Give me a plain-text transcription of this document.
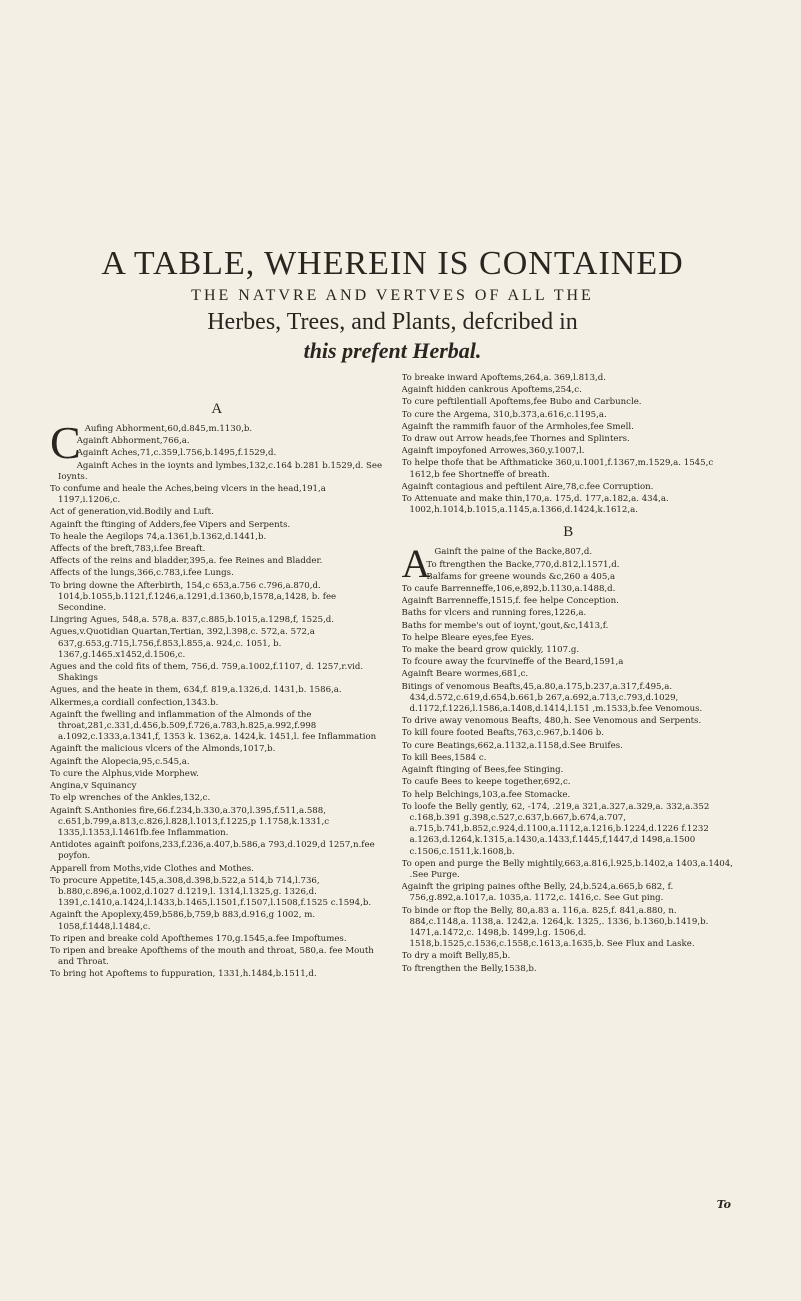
A TABLE, WHEREIN IS CONTAINED
THE NATVRE AND VERTVES OF ALL THE
Herbes, Trees, and Plants, defcribed in
this prefent Herbal.
A
C Aufing Abhorment,60,d.845,m.1130,b.
Againft Abhorment,766,a.
Againft Aches,71,c.359,l.756,b.1495,f.1529,d.
Againft Aches in the ioynts and lymbes,132,c.164 b.281 b.1529,d. See Ioynts.
To confume and heale the Aches,being vlcers in the head,191,a 1197,i.1206,c.
Act of generation,vid.Bodily and Luft.
Againft the ftinging of Adders,fee Vipers and Serpents.
To heale the Aegilops 74,a.1361,b.1362,d.1441,b.
Affects of the breft,783,i.fee Breaft.
Affects of the reins and bladder,395,a. fee Reines and Bladder.
Affects of the lungs,366,c.783,i.fee Lungs.
To bring downe the Afterbirth, 154,c 653,a.756 c.796,a.870,d. 1014,b.1055,b.1121,f.1246,a.1291,d.1360,b,1578,a,1428, b. fee Secondine.
Lingring Agues, 548,a. 578,a. 837,c.885,b.1015,a.1298,f, 1525,d.
Agues,v.Quotidian Quartan,Tertian, 392,l.398,c. 572,a. 572,a 637,g.653,g.715,l.756,f.853,l.855,a. 924,c. 1051, b. 1367,g.1465.x1452,d.1506,c.
Agues and the cold fits of them, 756,d. 759,a.1002,f.1107, d. 1257,r.vid. Shakings
Agues, and the heate in them, 634,f. 819,a.1326,d. 1431,b. 1586,a.
Alkermes,a cordiall confection,1343.b.
Againft the fwelling and inflammation of the Almonds of the throat,281,c.331,d.456,b.509,f.726,a.783,h.825,a.992,f.998 a.1092,c.1333,a.1341,f, 1353 k. 1362,a. 1424,k. 1451,l. fee Inflammation
Againft the malicious vlcers of the Almonds,1017,b.
Againft the Alopecia,95,c.545,a.
To cure the Alphus,vide Morphew.
Angina,v Squinancy
To elp wrenches of the Ankles,132,c.
Againft S.Anthonies fire,66.f.234,b.330,a.370,l.395,f.511,a.588, c.651,b.799,a.813,c.826,l.828,l.1013,f.1225,p 1.1758,k.1331,c 1335,l.1353,l.1461fb.fee Inflammation.
Antidotes againft poifons,233,f.236,a.407,b.586,a 793,d.1029,d 1257,n.fee poyfon.
Apparell from Moths,vide Clothes and Mothes.
To procure Appetite,145,a.308,d.398,b.522,a 514,b 714,l.736, b.880,c.896,a.1002,d.1027 d.1219,l. 1314,l.1325,g. 1326,d. 1391,c.1410,a.1424,l.1433,b.1465,l.1501,f.1507,l.1508,f.1525 c.1594,b.
Againft the Apoplexy,459,b586,b,759,b 883,d.916,g 1002, m. 1058,f.1448,l.1484,c.
To ripen and breake cold Apofthemes 170,g.1545,a.fee Impoftumes.
To ripen and breake Apofthems of the mouth and throat, 580,a. fee Mouth and Throat.
To bring hot Apoftems to fuppuration, 1331,h.1484,b.1511,d.
To breake inward Apoftems,264,a. 369,l.813,d.
Againft hidden cankrous Apoftems,254,c.
To cure peftilentiall Apoftems,fee Bubo and Carbuncle.
To cure the Argema, 310,b.373,a.616,c.1195,a.
Againft the rammifh fauor of the Armholes,fee Smell.
To draw out Arrow heads,fee Thornes and Splinters.
Againft impoyfoned Arrowes,360,y.1007,l.
To helpe thofe that be Afthmaticke 360,u.1001,f.1367,m.1529,a. 1545,c 1612,b fee Shortneffe of breath.
Againft contagious and peftilent Aire,78,c.fee Corruption.
To Attenuate and make thin,170,a. 175,d. 177,a.182,a. 434,a. 1002,h.1014,b.1015,a.1145,a.1366,d.1424,k.1612,a.
B
A Gainft the paine of the Backe,807,d.
To ftrengthen the Backe,770,d.812,l.1571,d.
Balfams for greene wounds &c,260 a 405,a
To caufe Barrenneffe,106,e,892,b.1130,a.1488,d.
Againft Barrenneffe,1515,f. fee helpe Conception.
Baths for vlcers and running fores,1226,a.
Baths for membe's out of ioynt,'gout,&c,1413,f.
To helpe Bleare eyes,fee Eyes.
To make the beard grow quickly, 1107.g.
To fcoure away the fcurvineffe of the Beard,1591,a
Againft Beare wormes,681,c.
Bitings of venomous Beafts,45,a.80,a.175,b.237,a.317,f.495,a. 434,d.572,c.619,d.654,b.661,b 267,a.692,a.713,c.793,d.1029, d.1172,f.1226,l.1586,a.1408,d.1414,l.151 ,m.1533,b.fee Venomous.
To drive away venomous Beafts, 480,h. See Venomous and Serpents.
To kill foure footed Beafts,763,c.967,b.1406 b.
To cure Beatings,662,a.1132,a.1158,d.See Bruifes.
To kill Bees,1584 c.
Againft ftinging of Bees,fee Stinging.
To caufe Bees to keepe together,692,c.
To help Belchings,103,a.fee Stomacke.
To loofe the Belly gently, 62, -174, .219,a 321,a.327,a.329,a. 332,a.352 c.168,b.391 g.398,c.527,c.637,b.667,b.674,a.707, a.715,b.741,b.852,c.924,d.1100,a.1112,a.1216,b.1224,d.1226 f.1232 a.1263,d.1264,k.1315,a.1430,a.1433,f.1445,f,1447,d 1498,a.1500 c.1506,c.1511,k.1608,b.
To open and purge the Belly mightily,663,a.816,l.925,b.1402,a 1403,a.1404, .See Purge.
Againft the griping paines ofthe Belly, 24,b.524,a.665,b 682, f. 756,g.892,a.1017,a. 1035,a. 1172,c. 1416,c. See Gut ping.
To binde or ftop the Belly, 80,a.83 a. 116,a. 825,f. 841,a.880, n. 884,c.1148,a. 1138,a. 1242,a. 1264,k. 1325,. 1336, b.1360,b.1419,b. 1471,a.1472,c. 1498,b. 1499,l.g. 1506,d. 1518,b.1525,c.1536,c.1558,c.1613,a.1635,b. See Flux and Laske.
To dry a moift Belly,85,b.
To ftrengthen the Belly,1538,b.
To
